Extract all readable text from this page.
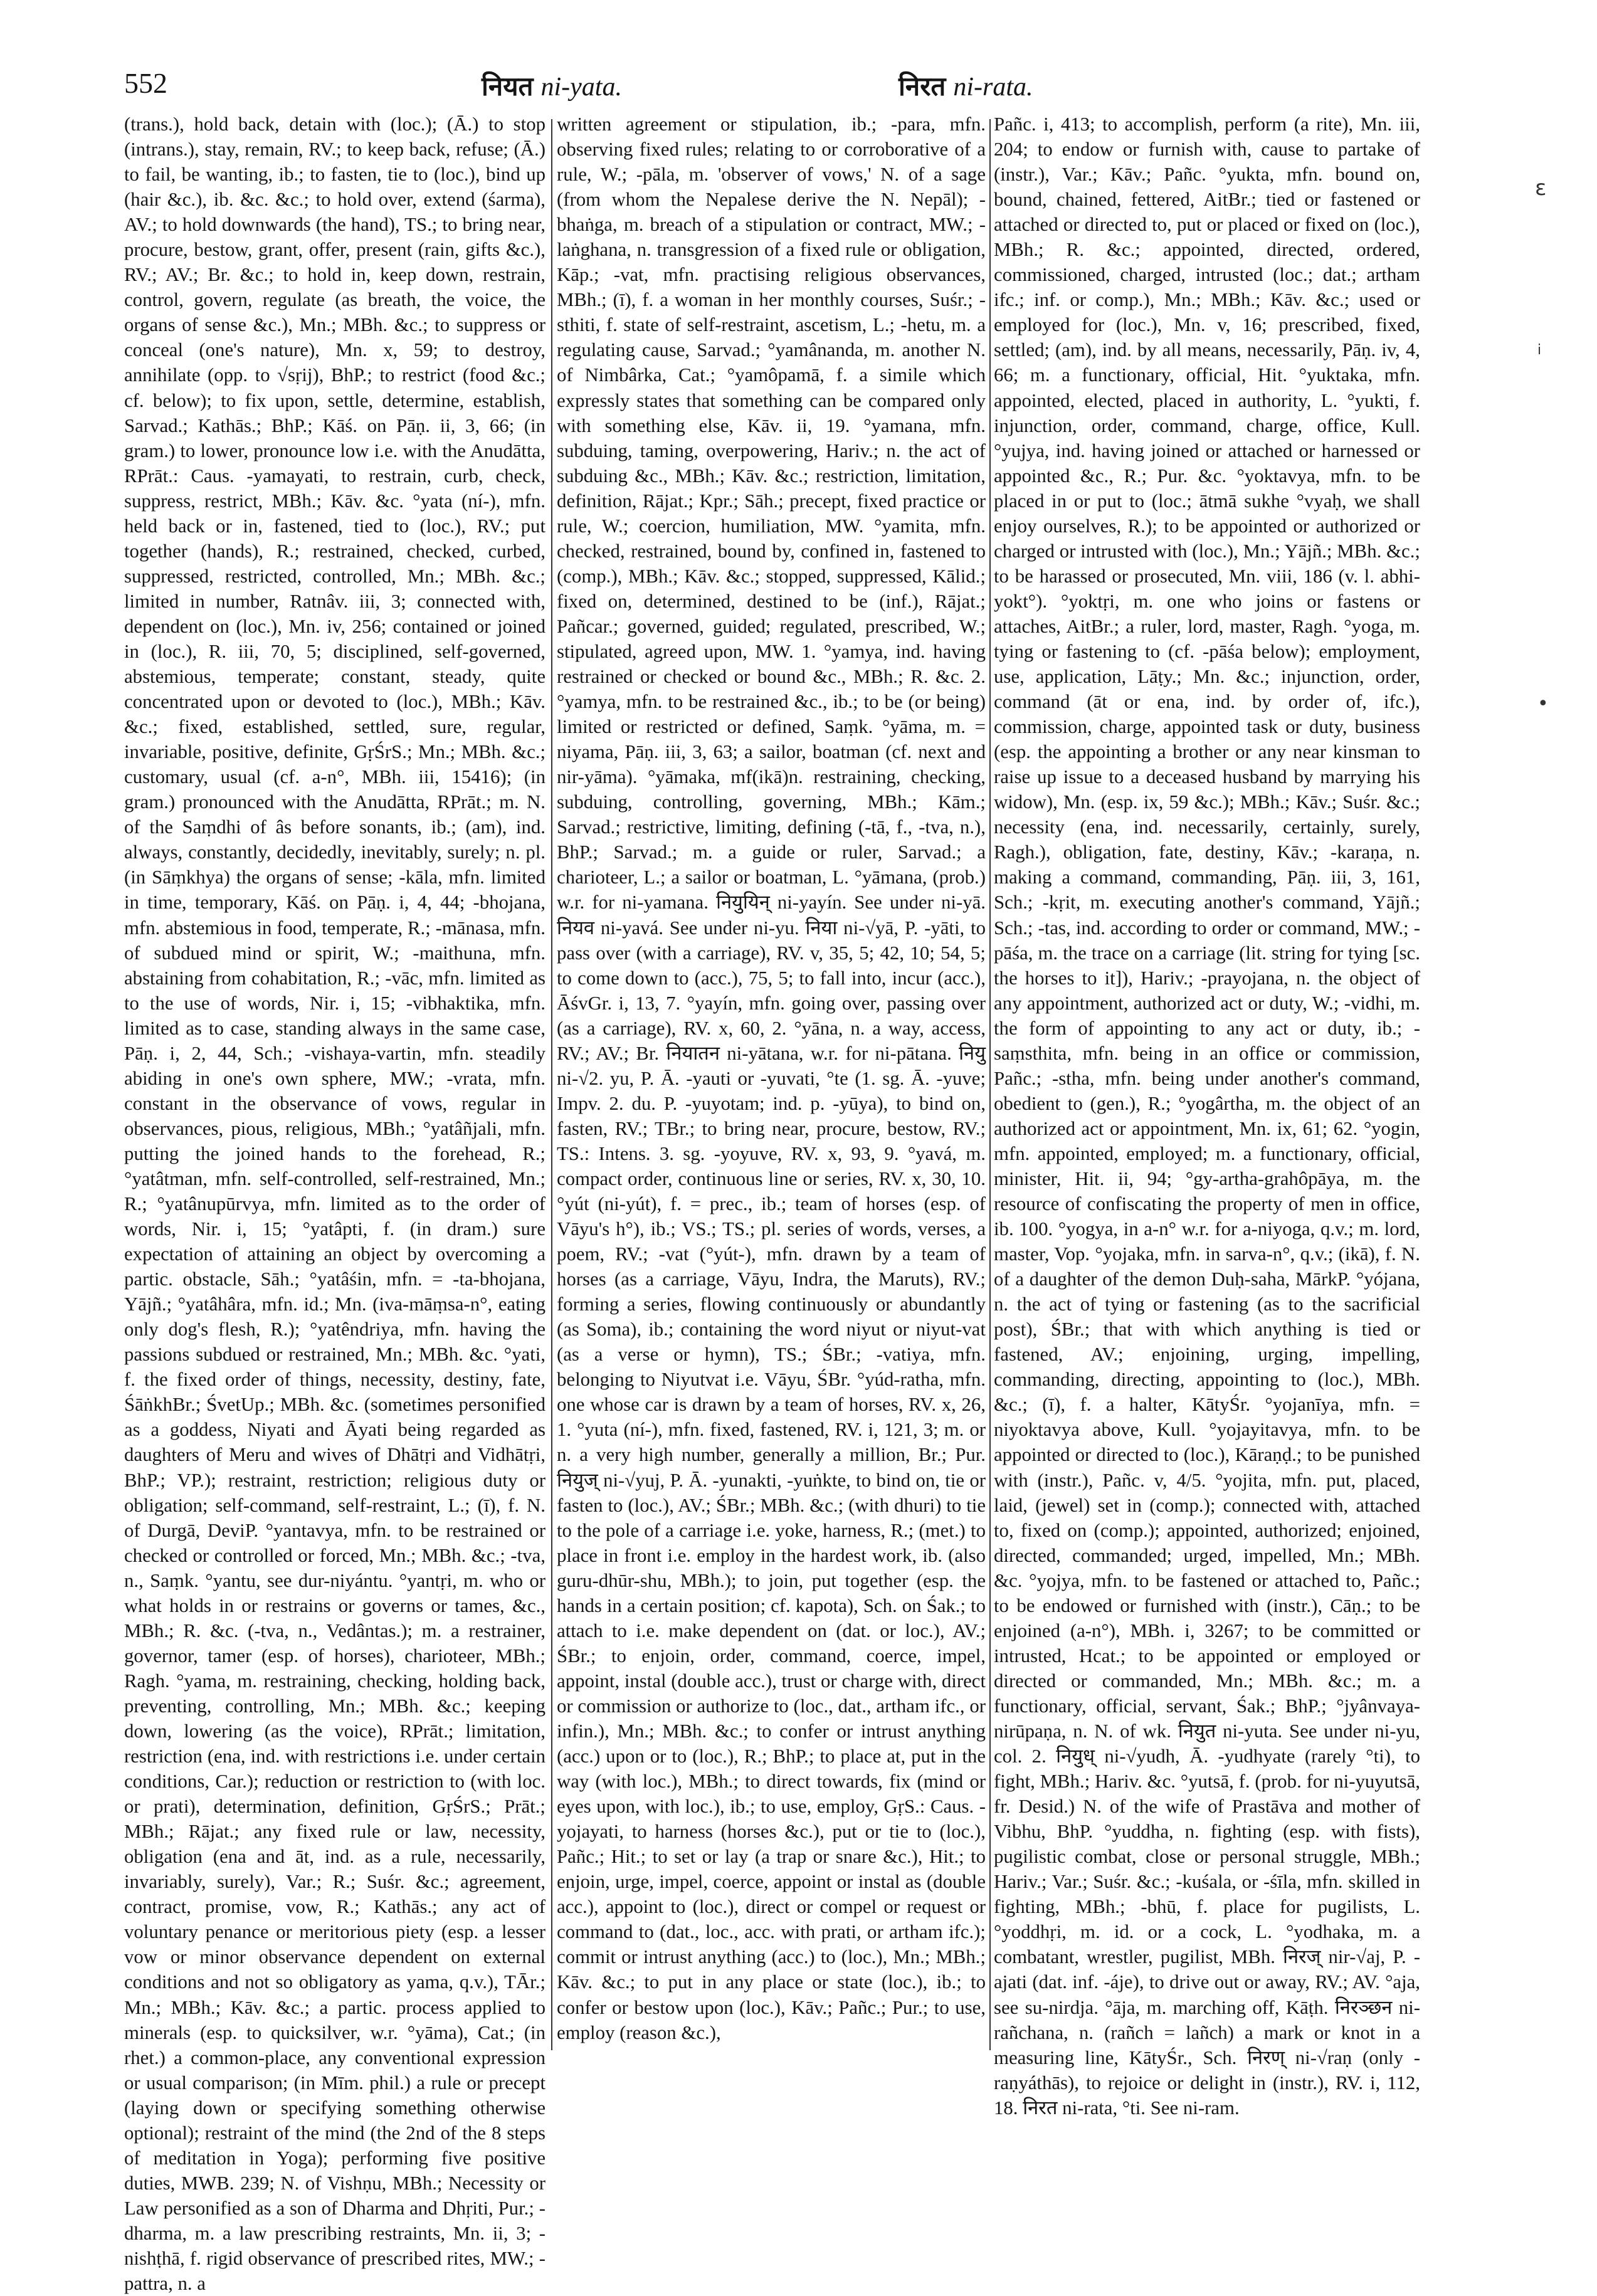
552	नियत ni-yata.	निरत ni-rata.
(trans.), hold back, detain with (loc.); (Ā.) to stop (intrans.), stay, remain, RV.; to keep back, refuse; (Ā.) to fail, be wanting, ib.; to fasten, tie to (loc.), bind up (hair &c.), ib. &c. &c.; to hold over, extend (śarma), AV.; to hold downwards (the hand), TS.; to bring near, procure, bestow, grant, offer, present (rain, gifts &c.), RV.; AV.; Br. &c.; to hold in, keep down, restrain, control, govern, regulate (as breath, the voice, the organs of sense &c.), Mn.; MBh. &c.; to suppress or conceal (one's nature), Mn. x, 59; to destroy, annihilate (opp. to √sṛij), BhP.; to restrict (food &c.; cf. below); to fix upon, settle, determine, establish, Sarvad.; Kathās.; BhP.; Kāś. on Pāṇ. ii, 3, 66; (in gram.) to lower, pronounce low i.e. with the Anudātta, RPrāt.: Caus. -yamayati, to restrain, curb, check, suppress, restrict, MBh.; Kāv. &c. °yata (ní-), mfn. held back or in, fastened, tied to (loc.), RV.; put together (hands), R.; restrained, checked, curbed, suppressed, restricted, controlled, Mn.; MBh. &c.; limited in number, Ratnâv. iii, 3; connected with, dependent on (loc.), Mn. iv, 256; contained or joined in (loc.), R. iii, 70, 5; disciplined, self-governed, abstemious, temperate; constant, steady, quite concentrated upon or devoted to (loc.), MBh.; Kāv. &c.; fixed, established, settled, sure, regular, invariable, positive, definite, GṛŚrS.; Mn.; MBh. &c.; customary, usual (cf. a-n°, MBh. iii, 15416); (in gram.) pronounced with the Anudātta, RPrāt.; m. N. of the Saṃdhi of âs before sonants, ib.; (am), ind. always, constantly, decidedly, inevitably, surely; n. pl. (in Sāṃkhya) the organs of sense; -kāla, mfn. limited in time, temporary, Kāś. on Pāṇ. i, 4, 44; -bhojana, mfn. abstemious in food, temperate, R.; -mānasa, mfn. of subdued mind or spirit, W.; -maithuna, mfn. abstaining from cohabitation, R.; -vāc, mfn. limited as to the use of words, Nir. i, 15; -vibhaktika, mfn. limited as to case, standing always in the same case, Pāṇ. i, 2, 44, Sch.; -vishaya-vartin, mfn. steadily abiding in one's own sphere, MW.; -vrata, mfn. constant in the observance of vows, regular in observances, pious, religious, MBh.; °yatâñjali, mfn. putting the joined hands to the forehead, R.; °yatâtman, mfn. self-controlled, self-restrained, Mn.; R.; °yatânupūrvya, mfn. limited as to the order of words, Nir. i, 15; °yatâpti, f. (in dram.) sure expectation of attaining an object by overcoming a partic. obstacle, Sāh.; °yatâśin, mfn. = -ta-bhojana, Yājñ.; °yatâhâra, mfn. id.; Mn. (iva-māṃsa-n°, eating only dog's flesh, R.); °yatêndriya, mfn. having the passions subdued or restrained, Mn.; MBh. &c. °yati, f. the fixed order of things, necessity, destiny, fate, ŚāṅkhBr.; ŚvetUp.; MBh. &c. (sometimes personified as a goddess, Niyati and Āyati being regarded as daughters of Meru and wives of Dhātṛi and Vidhātṛi, BhP.; VP.); restraint, restriction; religious duty or obligation; self-command, self-restraint, L.; (ī), f. N. of Durgā, DeviP. °yantavya, mfn. to be restrained or checked or controlled or forced, Mn.; MBh. &c.; -tva, n., Saṃk. °yantu, see dur-niyántu. °yantṛi, m. who or what holds in or restrains or governs or tames, &c., MBh.; R. &c. (-tva, n., Vedântas.); m. a restrainer, governor, tamer (esp. of horses), charioteer, MBh.; Ragh. °yama, m. restraining, checking, holding back, preventing, controlling, Mn.; MBh. &c.; keeping down, lowering (as the voice), RPrāt.; limitation, restriction (ena, ind. with restrictions i.e. under certain conditions, Car.); reduction or restriction to (with loc. or prati), determination, definition, GṛŚrS.; Prāt.; MBh.; Rājat.; any fixed rule or law, necessity, obligation (ena and āt, ind. as a rule, necessarily, invariably, surely), Var.; R.; Suśr. &c.; agreement, contract, promise, vow, R.; Kathās.; any act of voluntary penance or meritorious piety (esp. a lesser vow or minor observance dependent on external conditions and not so obligatory as yama, q.v.), TĀr.; Mn.; MBh.; Kāv. &c.; a partic. process applied to minerals (esp. to quicksilver, w.r. °yāma), Cat.; (in rhet.) a common-place, any conventional expression or usual comparison; (in Mīm. phil.) a rule or precept (laying down or specifying something otherwise optional); restraint of the mind (the 2nd of the 8 steps of meditation in Yoga); performing five positive duties, MWB. 239; N. of Vishṇu, MBh.; Necessity or Law personified as a son of Dharma and Dhṛiti, Pur.; -dharma, m. a law prescribing restraints, Mn. ii, 3; -nishṭhā, f. rigid observance of prescribed rites, MW.; -pattra, n. a
written agreement or stipulation, ib.; -para, mfn. observing fixed rules; relating to or corroborative of a rule, W.; -pāla, m. 'observer of vows,' N. of a sage (from whom the Nepalese derive the N. Nepāl); -bhaṅga, m. breach of a stipulation or contract, MW.; -laṅghana, n. transgression of a fixed rule or obligation, Kāp.; -vat, mfn. practising religious observances, MBh.; (ī), f. a woman in her monthly courses, Suśr.; -sthiti, f. state of self-restraint, ascetism, L.; -hetu, m. a regulating cause, Sarvad.; °yamânanda, m. another N. of Nimbârka, Cat.; °yamôpamā, f. a simile which expressly states that something can be compared only with something else, Kāv. ii, 19. °yamana, mfn. subduing, taming, overpowering, Hariv.; n. the act of subduing &c., MBh.; Kāv. &c.; restriction, limitation, definition, Rājat.; Kpr.; Sāh.; precept, fixed practice or rule, W.; coercion, humiliation, MW. °yamita, mfn. checked, restrained, bound by, confined in, fastened to (comp.), MBh.; Kāv. &c.; stopped, suppressed, Kālid.; fixed on, determined, destined to be (inf.), Rājat.; Pañcar.; governed, guided; regulated, prescribed, W.; stipulated, agreed upon, MW. 1. °yamya, ind. having restrained or checked or bound &c., MBh.; R. &c. 2. °yamya, mfn. to be restrained &c., ib.; to be (or being) limited or restricted or defined, Saṃk. °yāma, m. = niyama, Pāṇ. iii, 3, 63; a sailor, boatman (cf. next and nir-yāma). °yāmaka, mf(ikā)n. restraining, checking, subduing, controlling, governing, MBh.; Kām.; Sarvad.; restrictive, limiting, defining (-tā, f., -tva, n.), BhP.; Sarvad.; m. a guide or ruler, Sarvad.; a charioteer, L.; a sailor or boatman, L. °yāmana, (prob.) w.r. for ni-yamana. नियुयिन् ni-yayín. See under ni-yā. नियव ni-yavá. See under ni-yu. निया ni-√yā, P. -yāti, to pass over (with a carriage), RV. v, 35, 5; 42, 10; 54, 5; to come down to (acc.), 75, 5; to fall into, incur (acc.), ĀśvGr. i, 13, 7. °yayín, mfn. going over, passing over (as a carriage), RV. x, 60, 2. °yāna, n. a way, access, RV.; AV.; Br. नियातन ni-yātana, w.r. for ni-pātana. नियु ni-√2. yu, P. Ā. -yauti or -yuvati, °te (1. sg. Ā. -yuve; Impv. 2. du. P. -yuyotam; ind. p. -yūya), to bind on, fasten, RV.; TBr.; to bring near, procure, bestow, RV.; TS.: Intens. 3. sg. -yoyuve, RV. x, 93, 9. °yavá, m. compact order, continuous line or series, RV. x, 30, 10. °yút (ni-yút), f. = prec., ib.; team of horses (esp. of Vāyu's h°), ib.; VS.; TS.; pl. series of words, verses, a poem, RV.; -vat (°yút-), mfn. drawn by a team of horses (as a carriage, Vāyu, Indra, the Maruts), RV.; forming a series, flowing continuously or abundantly (as Soma), ib.; containing the word niyut or niyut-vat (as a verse or hymn), TS.; ŚBr.; -vatiya, mfn. belonging to Niyutvat i.e. Vāyu, ŚBr. °yúd-ratha, mfn. one whose car is drawn by a team of horses, RV. x, 26, 1. °yuta (ní-), mfn. fixed, fastened, RV. i, 121, 3; m. or n. a very high number, generally a million, Br.; Pur. नियुज् ni-√yuj, P. Ā. -yunakti, -yuṅkte, to bind on, tie or fasten to (loc.), AV.; ŚBr.; MBh. &c.; (with dhuri) to tie to the pole of a carriage i.e. yoke, harness, R.; (met.) to place in front i.e. employ in the hardest work, ib. (also guru-dhūr-shu, MBh.); to join, put together (esp. the hands in a certain position; cf. kapota), Sch. on Śak.; to attach to i.e. make dependent on (dat. or loc.), AV.; ŚBr.; to enjoin, order, command, coerce, impel, appoint, instal (double acc.), trust or charge with, direct or commission or authorize to (loc., dat., artham ifc., or infin.), Mn.; MBh. &c.; to confer or intrust anything (acc.) upon or to (loc.), R.; BhP.; to place at, put in the way (with loc.), MBh.; to direct towards, fix (mind or eyes upon, with loc.), ib.; to use, employ, GṛS.: Caus. -yojayati, to harness (horses &c.), put or tie to (loc.), Pañc.; Hit.; to set or lay (a trap or snare &c.), Hit.; to enjoin, urge, impel, coerce, appoint or instal as (double acc.), appoint to (loc.), direct or compel or request or command to (dat., loc., acc. with prati, or artham ifc.); commit or intrust anything (acc.) to (loc.), Mn.; MBh.; Kāv. &c.; to put in any place or state (loc.), ib.; to confer or bestow upon (loc.), Kāv.; Pañc.; Pur.; to use, employ (reason &c.),
Pañc. i, 413; to accomplish, perform (a rite), Mn. iii, 204; to endow or furnish with, cause to partake of (instr.), Var.; Kāv.; Pañc. °yukta, mfn. bound on, bound, chained, fettered, AitBr.; tied or fastened or attached or directed to, put or placed or fixed on (loc.), MBh.; R. &c.; appointed, directed, ordered, commissioned, charged, intrusted (loc.; dat.; artham ifc.; inf. or comp.), Mn.; MBh.; Kāv. &c.; used or employed for (loc.), Mn. v, 16; prescribed, fixed, settled; (am), ind. by all means, necessarily, Pāṇ. iv, 4, 66; m. a functionary, official, Hit. °yuktaka, mfn. appointed, elected, placed in authority, L. °yukti, f. injunction, order, command, charge, office, Kull. °yujya, ind. having joined or attached or harnessed or appointed &c., R.; Pur. &c. °yoktavya, mfn. to be placed in or put to (loc.; ātmā sukhe °vyaḥ, we shall enjoy ourselves, R.); to be appointed or authorized or charged or intrusted with (loc.), Mn.; Yājñ.; MBh. &c.; to be harassed or prosecuted, Mn. viii, 186 (v. l. abhi-yokt°). °yoktṛi, m. one who joins or fastens or attaches, AitBr.; a ruler, lord, master, Ragh. °yoga, m. tying or fastening to (cf. -pāśa below); employment, use, application, Lāṭy.; Mn. &c.; injunction, order, command (āt or ena, ind. by order of, ifc.), commission, charge, appointed task or duty, business (esp. the appointing a brother or any near kinsman to raise up issue to a deceased husband by marrying his widow), Mn. (esp. ix, 59 &c.); MBh.; Kāv.; Suśr. &c.; necessity (ena, ind. necessarily, certainly, surely, Ragh.), obligation, fate, destiny, Kāv.; -karaṇa, n. making a command, commanding, Pāṇ. iii, 3, 161, Sch.; -kṛit, m. executing another's command, Yājñ.; Sch.; -tas, ind. according to order or command, MW.; -pāśa, m. the trace on a carriage (lit. string for tying [sc. the horses to it]), Hariv.; -prayojana, n. the object of any appointment, authorized act or duty, W.; -vidhi, m. the form of appointing to any act or duty, ib.; -saṃsthita, mfn. being in an office or commission, Pañc.; -stha, mfn. being under another's command, obedient to (gen.), R.; °yogârtha, m. the object of an authorized act or appointment, Mn. ix, 61; 62. °yogin, mfn. appointed, employed; m. a functionary, official, minister, Hit. ii, 94; °gy-artha-grahôpāya, m. the resource of confiscating the property of men in office, ib. 100. °yogya, in a-n° w.r. for a-niyoga, q.v.; m. lord, master, Vop. °yojaka, mfn. in sarva-n°, q.v.; (ikā), f. N. of a daughter of the demon Duḥ-saha, MārkP. °yójana, n. the act of tying or fastening (as to the sacrificial post), ŚBr.; that with which anything is tied or fastened, AV.; enjoining, urging, impelling, commanding, directing, appointing to (loc.), MBh. &c.; (ī), f. a halter, KātyŚr. °yojanīya, mfn. = niyoktavya above, Kull. °yojayitavya, mfn. to be appointed or directed to (loc.), Kāraṇḍ.; to be punished with (instr.), Pañc. v, 4/5. °yojita, mfn. put, placed, laid, (jewel) set in (comp.); connected with, attached to, fixed on (comp.); appointed, authorized; enjoined, directed, commanded; urged, impelled, Mn.; MBh. &c. °yojya, mfn. to be fastened or attached to, Pañc.; to be endowed or furnished with (instr.), Cāṇ.; to be enjoined (a-n°), MBh. i, 3267; to be committed or intrusted, Hcat.; to be appointed or employed or directed or commanded, Mn.; MBh. &c.; m. a functionary, official, servant, Śak.; BhP.; °jyânvaya-nirūpaṇa, n. N. of wk. नियुत ni-yuta. See under ni-yu, col. 2. नियुध् ni-√yudh, Ā. -yudhyate (rarely °ti), to fight, MBh.; Hariv. &c. °yutsā, f. (prob. for ni-yuyutsā, fr. Desid.) N. of the wife of Prastāva and mother of Vibhu, BhP. °yuddha, n. fighting (esp. with fists), pugilistic combat, close or personal struggle, MBh.; Hariv.; Var.; Suśr. &c.; -kuśala, or -śīla, mfn. skilled in fighting, MBh.; -bhū, f. place for pugilists, L. °yoddhṛi, m. id. or a cock, L. °yodhaka, m. a combatant, wrestler, pugilist, MBh. निरज् nir-√aj, P. -ajati (dat. inf. -áje), to drive out or away, RV.; AV. °aja, see su-nirdja. °āja, m. marching off, Kāṭh. निरञ्छन ni-rañchana, n. (rañch = lañch) a mark or knot in a measuring line, KātyŚr., Sch. निरण् ni-√raṇ (only -raṇyáthās), to rejoice or delight in (instr.), RV. i, 112, 18. निरत ni-rata, °ti. See ni-ram.
ε
i
•
